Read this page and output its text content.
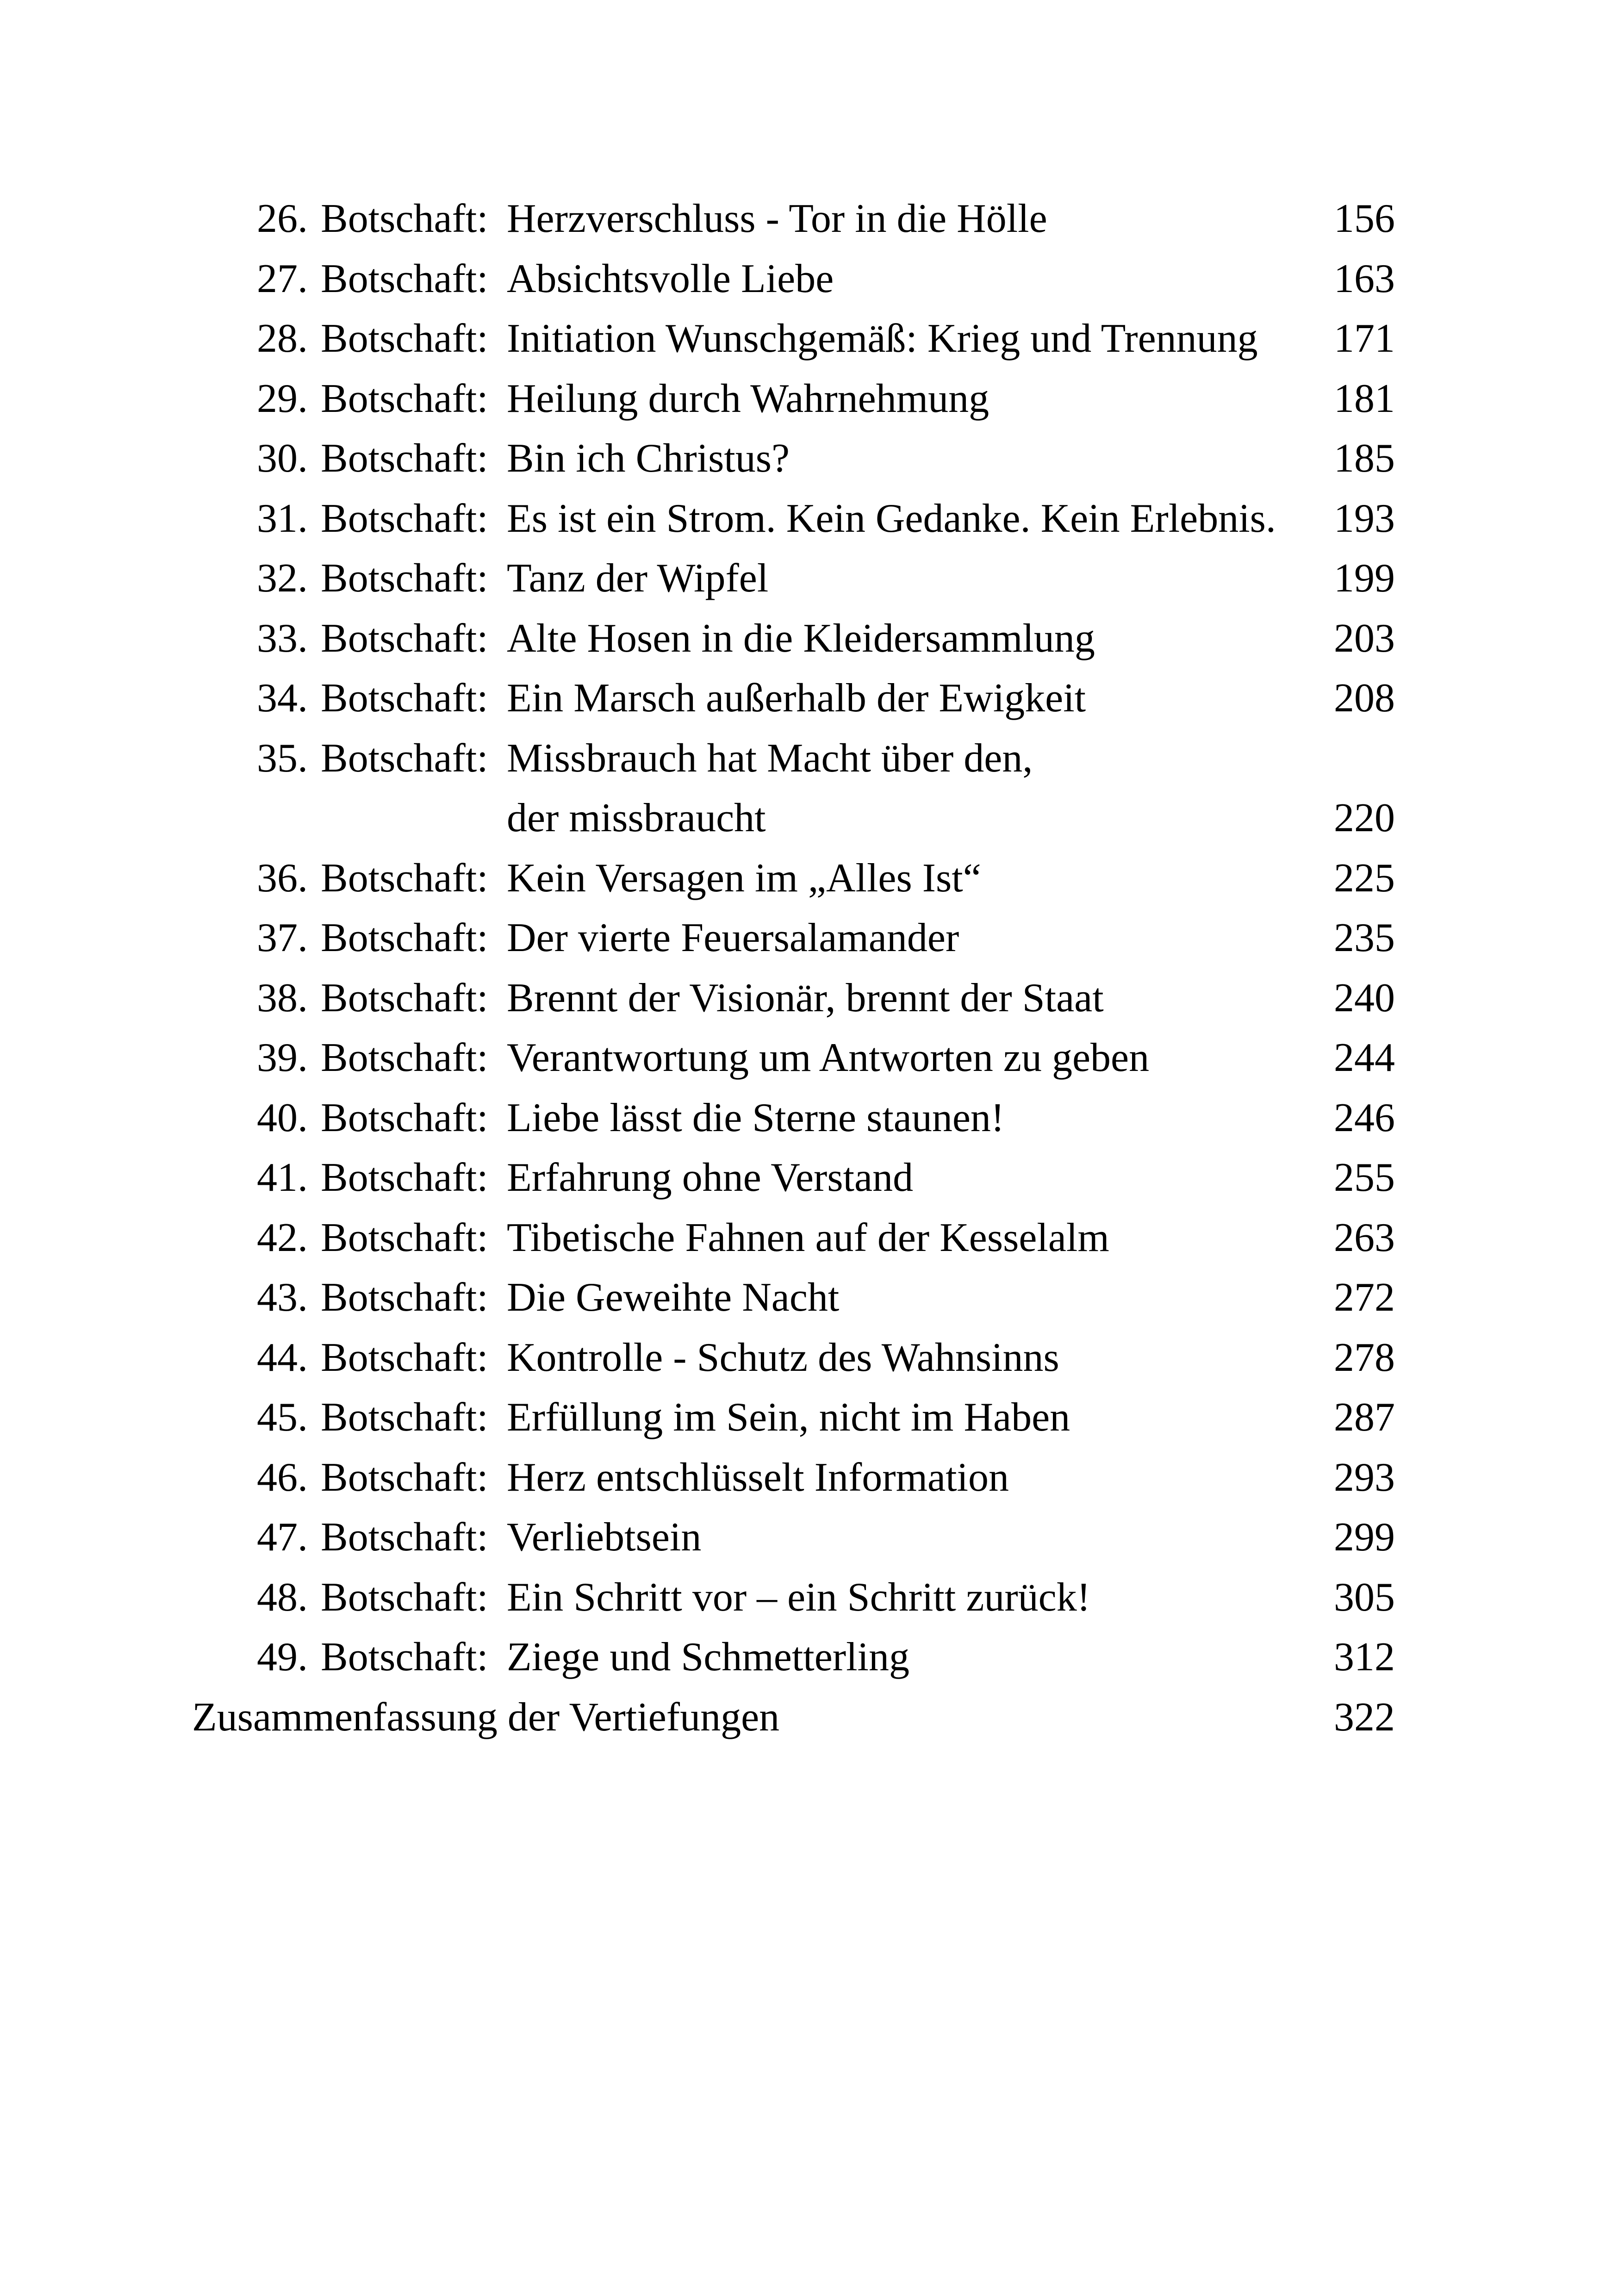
26. Botschaft: Herzverschluss - Tor in die Hölle	156
27. Botschaft: Absichtsvolle Liebe	163
28. Botschaft: Initiation Wunschgemäß: Krieg und Trennung 171
29. Botschaft: Heilung durch Wahrnehmung	181
30. Botschaft: Bin ich Christus?	185
31. Botschaft: Es ist ein Strom. Kein Gedanke. Kein Erlebnis. 193
32. Botschaft: Tanz der Wipfel	199
33. Botschaft: Alte Hosen in die Kleidersammlung	203
34. Botschaft: Ein Marsch außerhalb der Ewigkeit	208
35. Botschaft: Missbrauch hat Macht über den,
der missbraucht	220
36. Botschaft: Kein Versagen im „Alles Ist“	225
37. Botschaft: Der vierte Feuersalamander	235
38. Botschaft: Brennt der Visionär, brennt der Staat	240
39. Botschaft: Verantwortung um Antworten zu geben	244
40. Botschaft: Liebe lässt die Sterne staunen!	246
41. Botschaft: Erfahrung ohne Verstand	255
42. Botschaft: Tibetische Fahnen auf der Kesselalm	263
43. Botschaft: Die Geweihte Nacht	272
44. Botschaft: Kontrolle - Schutz des Wahnsinns	278
45. Botschaft: Erfüllung im Sein, nicht im Haben	287
46. Botschaft: Herz entschlüsselt Information	293
47. Botschaft: Verliebtsein	299
48. Botschaft: Ein Schritt vor – ein Schritt zurück!	305
49. Botschaft: Ziege und Schmetterling	312
Zusammenfassung der Vertiefungen	322
